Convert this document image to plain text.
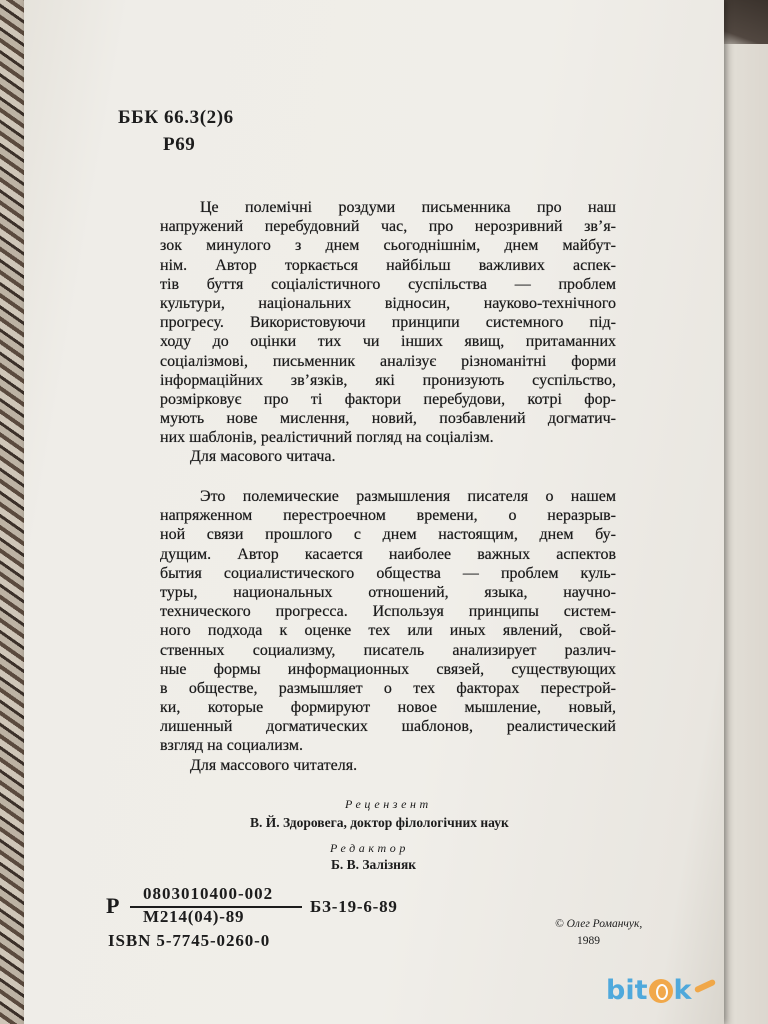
ББК 66.3(2)6
Р69
Це полемічні роздуми письменника про наш
напружений перебудовний час, про нерозривний зв’я-
зок минулого з днем сьогоднішнім, днем майбут-
нім. Автор торкається найбільш важливих аспек-
тів буття соціалістичного суспільства — проблем
культури, національних відносин, науково-технічного
прогресу. Використовуючи принципи системного під-
ходу до оцінки тих чи інших явищ, притаманних
соціалізмові, письменник аналізує різноманітні форми
інформаційних зв’язків, які пронизують суспільство,
розмірковує про ті фактори перебудови, котрі фор-
мують нове мислення, новий, позбавлений догматич-
них шаблонів, реалістичний погляд на соціалізм.
Для масового читача.
Это полемические размышления писателя о нашем
напряженном перестроечном времени, о неразрыв-
ной связи прошлого с днем настоящим, днем бу-
дущим. Автор касается наиболее важных аспектов
бытия социалистического общества — проблем куль-
туры, национальных отношений, языка, научно-
технического прогресса. Используя принципы систем-
ного подхода к оценке тех или иных явлений, свой-
ственных социализму, писатель анализирует различ-
ные формы информационных связей, существующих
в обществе, размышляет о тех факторах перестрой-
ки, которые формируют новое мышление, новый,
лишенный догматических шаблонов, реалистический
взгляд на социализм.
Для массового читателя.
Рецензент
В. Й. Здоровега, доктор філологічних наук
Редактор
Б. В. Залізняк
Р 0803010400-002
М214(04)-89
БЗ-19-6-89
ISBN 5-7745-0260-0
© Олег Романчук,
1989
bit k
